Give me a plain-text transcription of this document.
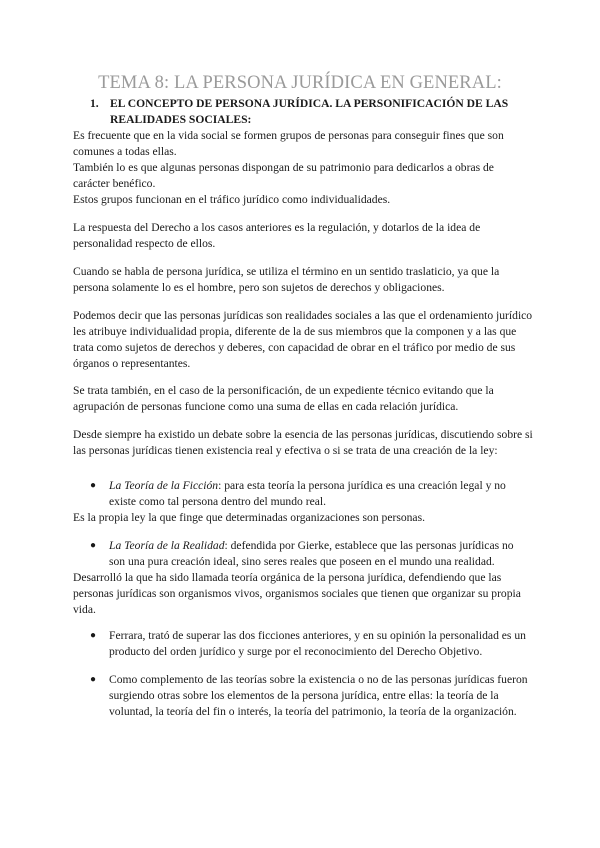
TEMA 8: LA PERSONA JURÍDICA EN GENERAL:
1. EL CONCEPTO DE PERSONA JURÍDICA. LA PERSONIFICACIÓN DE LAS REALIDADES SOCIALES:
Es frecuente que en la vida social se formen grupos de personas para conseguir fines que son comunes a todas ellas.
También lo es que algunas personas dispongan de su patrimonio para dedicarlos a obras de carácter benéfico.
Estos grupos funcionan en el tráfico jurídico como individualidades.
La respuesta del Derecho a los casos anteriores es la regulación, y dotarlos de la idea de personalidad respecto de ellos.
Cuando se habla de persona jurídica, se utiliza el término en un sentido traslaticio, ya que la persona solamente lo es el hombre, pero son sujetos de derechos y obligaciones.
Podemos decir que las personas jurídicas son realidades sociales a las que el ordenamiento jurídico les atribuye individualidad propia, diferente de la de sus miembros que la componen y a las que trata como sujetos de derechos y deberes, con capacidad de obrar en el tráfico por medio de sus órganos o representantes.
Se trata también, en el caso de la personificación, de un expediente técnico evitando que la agrupación de personas funcione como una suma de ellas en cada relación jurídica.
Desde siempre ha existido un debate sobre la esencia de las personas jurídicas, discutiendo sobre si las personas jurídicas tienen existencia real y efectiva o si se trata de una creación de la ley:
● La Teoría de la Ficción: para esta teoría la persona jurídica es una creación legal y no existe como tal persona dentro del mundo real.
Es la propia ley la que finge que determinadas organizaciones son personas.
● La Teoría de la Realidad: defendida por Gierke, establece que las personas jurídicas no son una pura creación ideal, sino seres reales que poseen en el mundo una realidad.
Desarrolló la que ha sido llamada teoría orgánica de la persona jurídica, defendiendo que las personas jurídicas son organismos vivos, organismos sociales que tienen que organizar su propia vida.
● Ferrara, trató de superar las dos ficciones anteriores, y en su opinión la personalidad es un producto del orden jurídico y surge por el reconocimiento del Derecho Objetivo.
● Como complemento de las teorías sobre la existencia o no de las personas jurídicas fueron surgiendo otras sobre los elementos de la persona jurídica, entre ellas: la teoría de la voluntad, la teoría del fin o interés, la teoría del patrimonio, la teoría de la organización.
